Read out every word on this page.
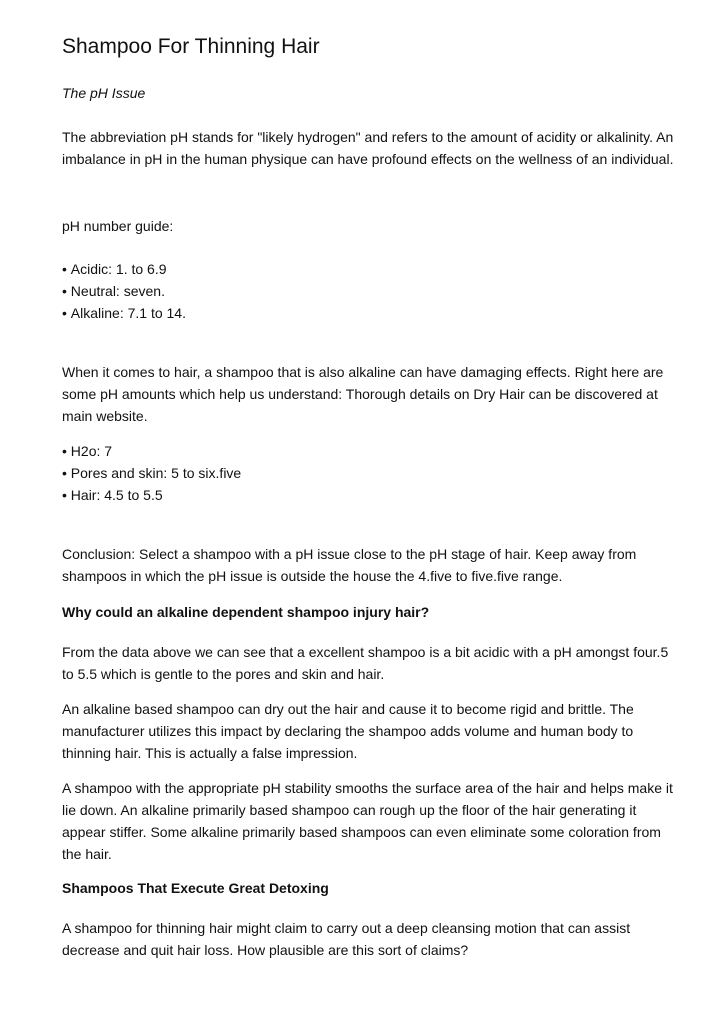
Shampoo For Thinning Hair

The pH Issue

The abbreviation pH stands for "likely hydrogen" and refers to the amount of acidity or alkalinity. An imbalance in pH in the human physique can have profound effects on the wellness of an individual.

pH number guide:

• Acidic: 1. to 6.9
• Neutral: seven.
• Alkaline: 7.1 to 14.

When it comes to hair, a shampoo that is also alkaline can have damaging effects. Right here are some pH amounts which help us understand: Thorough details on Dry Hair can be discovered at main website.

• H2o: 7
• Pores and skin: 5 to six.five
• Hair: 4.5 to 5.5

Conclusion: Select a shampoo with a pH issue close to the pH stage of hair. Keep away from shampoos in which the pH issue is outside the house the 4.five to five.five range.

Why could an alkaline dependent shampoo injury hair?

From the data above we can see that a excellent shampoo is a bit acidic with a pH amongst four.5 to 5.5 which is gentle to the pores and skin and hair.

An alkaline based shampoo can dry out the hair and cause it to become rigid and brittle. The manufacturer utilizes this impact by declaring the shampoo adds volume and human body to thinning hair. This is actually a false impression.

A shampoo with the appropriate pH stability smooths the surface area of the hair and helps make it lie down. An alkaline primarily based shampoo can rough up the floor of the hair generating it appear stiffer. Some alkaline primarily based shampoos can even eliminate some coloration from the hair.

Shampoos That Execute Great Detoxing

A shampoo for thinning hair might claim to carry out a deep cleansing motion that can assist decrease and quit hair loss. How plausible are this sort of claims?
